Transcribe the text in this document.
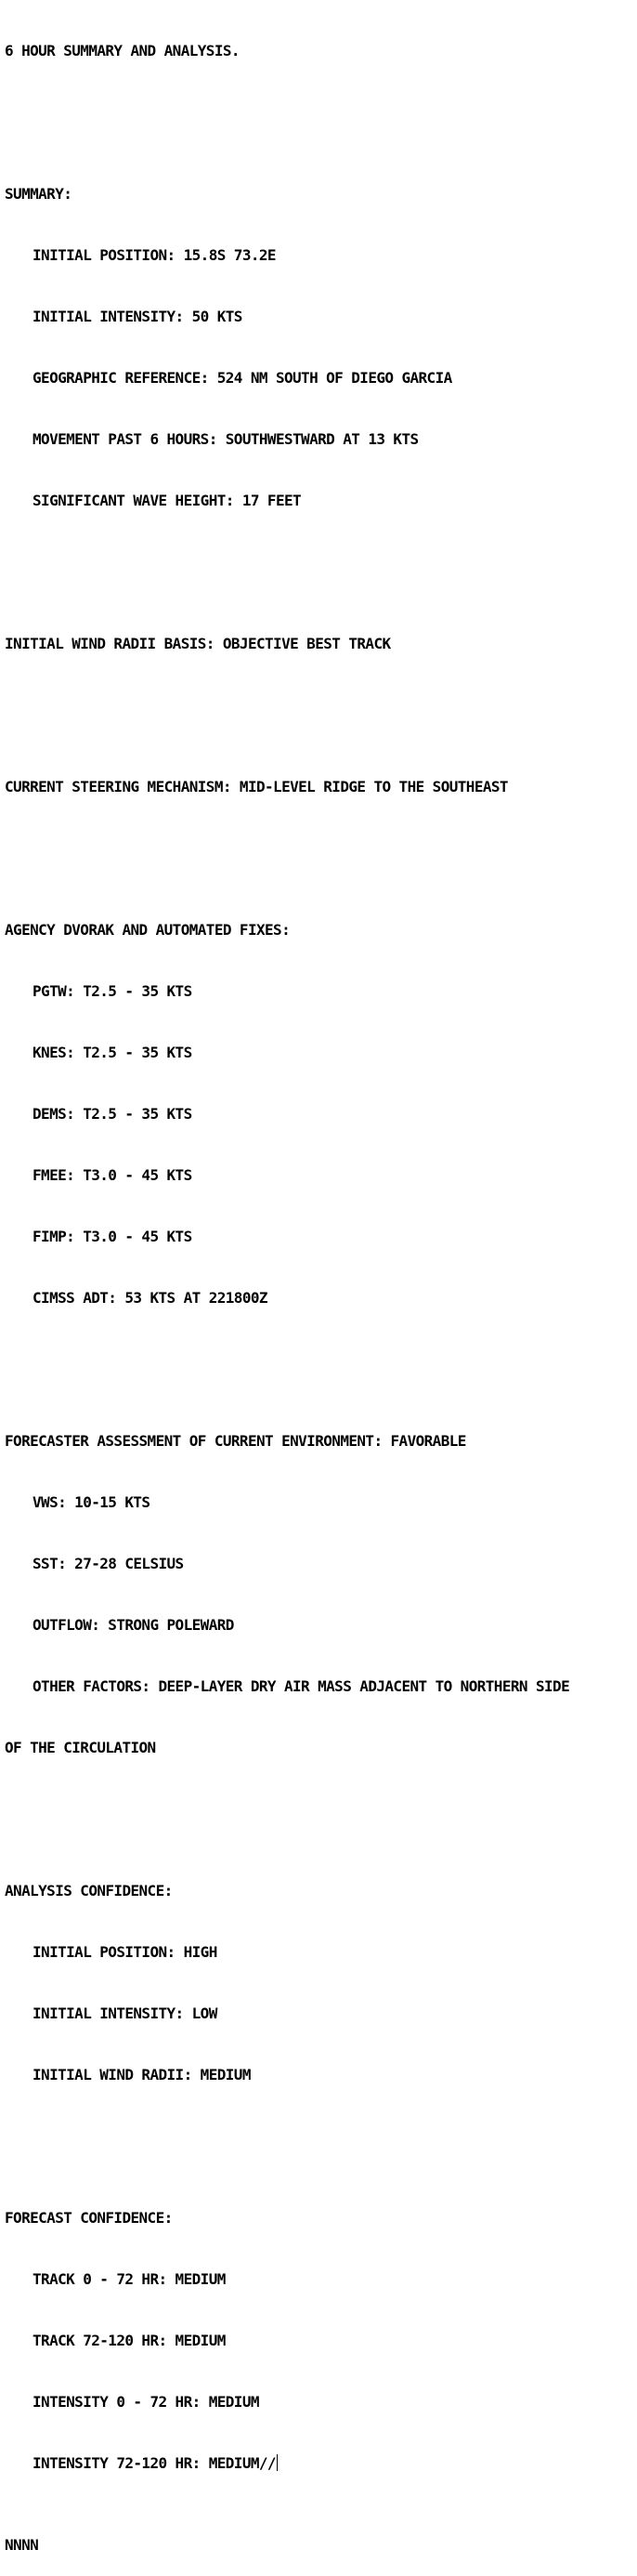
6 HOUR SUMMARY AND ANALYSIS.

SUMMARY:

INITIAL POSITION: 15.8S 73.2E

INITIAL INTENSITY: 50 KTS

GEOGRAPHIC REFERENCE: 524 NM SOUTH OF DIEGO GARCIA

MOVEMENT PAST 6 HOURS: SOUTHWESTWARD AT 13 KTS

SIGNIFICANT WAVE HEIGHT: 17 FEET

INITIAL WIND RADII BASIS: OBJECTIVE BEST TRACK

CURRENT STEERING MECHANISM: MID-LEVEL RIDGE TO THE SOUTHEAST

AGENCY DVORAK AND AUTOMATED FIXES:

PGTW: T2.5 - 35 KTS

KNES: T2.5 - 35 KTS

DEMS: T2.5 - 35 KTS

FMEE: T3.0 - 45 KTS

FIMP: T3.0 - 45 KTS

CIMSS ADT: 53 KTS AT 221800Z

FORECASTER ASSESSMENT OF CURRENT ENVIRONMENT: FAVORABLE

VWS: 10-15 KTS

SST: 27-28 CELSIUS

OUTFLOW: STRONG POLEWARD

OTHER FACTORS: DEEP-LAYER DRY AIR MASS ADJACENT TO NORTHERN SIDE

OF THE CIRCULATION

ANALYSIS CONFIDENCE:

INITIAL POSITION: HIGH

INITIAL INTENSITY: LOW

INITIAL WIND RADII: MEDIUM

FORECAST CONFIDENCE:

TRACK 0 - 72 HR: MEDIUM

TRACK 72-120 HR: MEDIUM

INTENSITY 0 - 72 HR: MEDIUM

INTENSITY 72-120 HR: MEDIUM//

NNNN
